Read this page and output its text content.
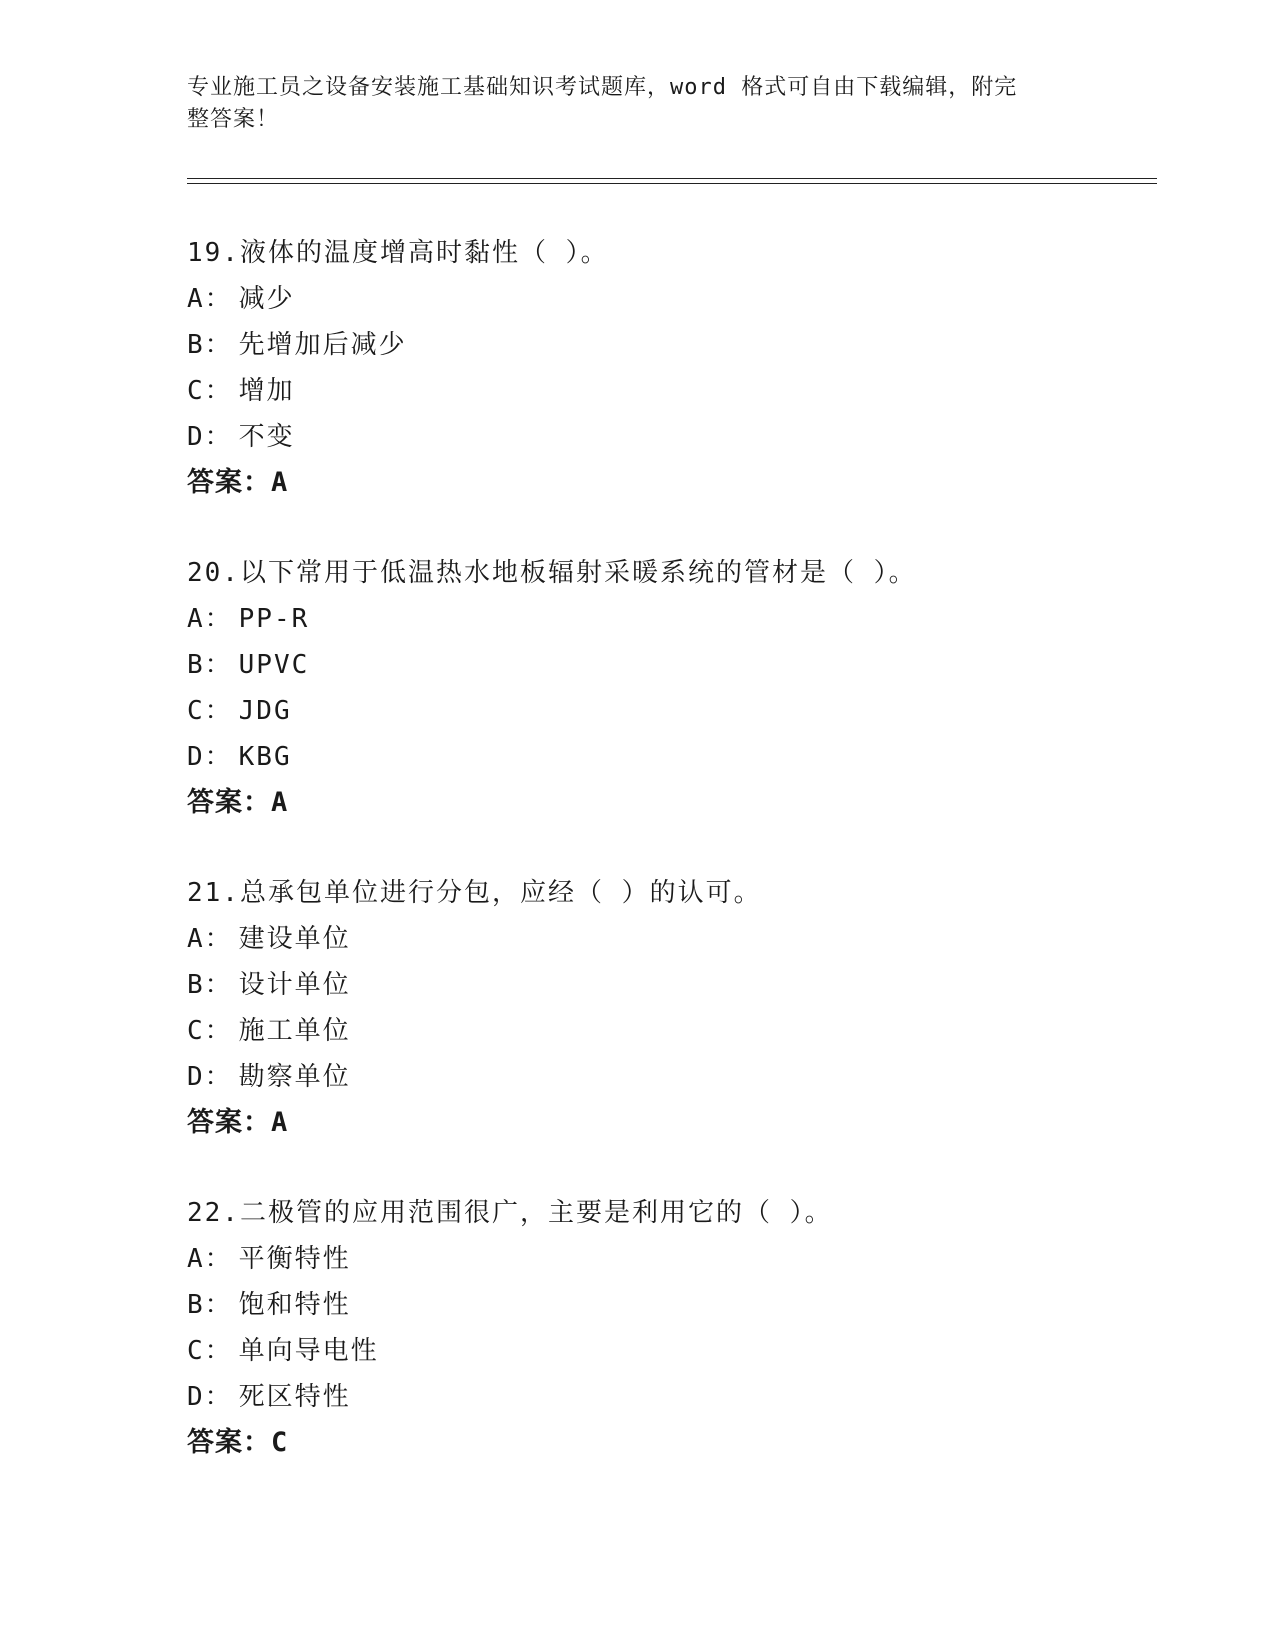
专业施工员之设备安装施工基础知识考试题库，word 格式可自由下载编辑，附完
整答案！
19.液体的温度增高时黏性（ ）。
A： 减少
B： 先增加后减少
C： 增加
D： 不变
答案：A
20.以下常用于低温热水地板辐射采暖系统的管材是（ ）。
A： PP-R
B： UPVC
C： JDG
D： KBG
答案：A
21.总承包单位进行分包，应经（ ）的认可。
A： 建设单位
B： 设计单位
C： 施工单位
D： 勘察单位
答案：A
22.二极管的应用范围很广，主要是利用它的（ ）。
A： 平衡特性
B： 饱和特性
C： 单向导电性
D： 死区特性
答案：C
